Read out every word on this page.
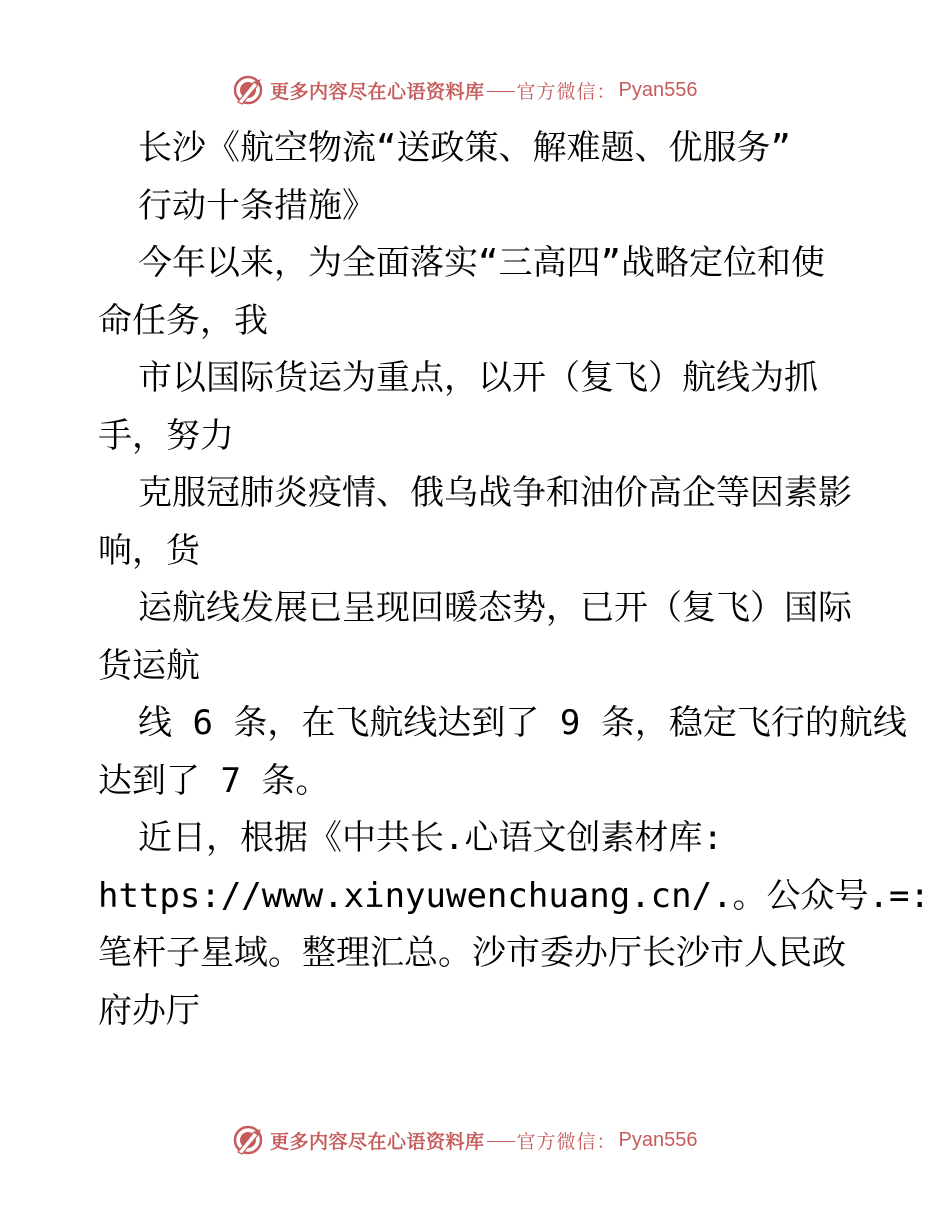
更多内容尽在心语资料库 官方微信： Pyan556

长沙《航空物流“送政策、解难题、优服务”

行动十条措施》

今年以来，为全面落实“三高四”战略定位和使

命任务，我

市以国际货运为重点，以开（复飞）航线为抓

手，努力

克服冠肺炎疫情、俄乌战争和油价高企等因素影

响，货

运航线发展已呈现回暖态势，已开（复飞）国际

货运航

线 6 条，在飞航线达到了 9 条，稳定飞行的航线

达到了 7 条。

近日，根据《中共长.心语文创素材库:

https://www.xinyuwenchuang.cn/.。公众号.=:

笔杆子星域。整理汇总。沙市委办厅长沙市人民政

府办厅

更多内容尽在心语资料库 官方微信： Pyan556
